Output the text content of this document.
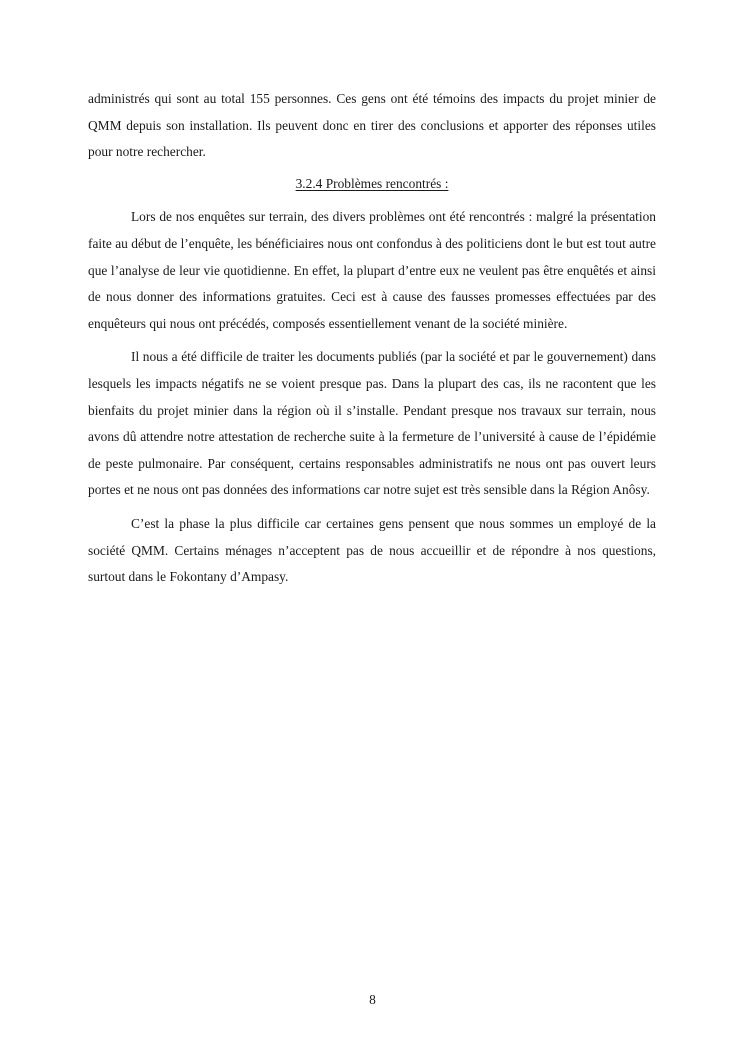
administrés qui sont au total 155 personnes. Ces gens ont été témoins des impacts du projet minier de QMM depuis son installation. Ils peuvent donc en tirer des conclusions et apporter des réponses utiles pour notre rechercher.

3.2.4 Problèmes rencontrés :

Lors de nos enquêtes sur terrain, des divers problèmes ont été rencontrés : malgré la présentation faite au début de l’enquête, les bénéficiaires nous ont confondus à des politiciens dont le but est tout autre que l’analyse de leur vie quotidienne. En effet, la plupart d’entre eux ne veulent pas être enquêtés et ainsi de nous donner des informations gratuites. Ceci est à cause des fausses promesses effectuées par des enquêteurs qui nous ont précédés, composés essentiellement venant de la société minière.

Il nous a été difficile de traiter les documents publiés (par la société et par le gouvernement) dans lesquels les impacts négatifs ne se voient presque pas. Dans la plupart des cas, ils ne racontent que les bienfaits du projet minier dans la région où il s’installe. Pendant presque nos travaux sur terrain, nous avons dû attendre notre attestation de recherche suite à la fermeture de l’université à cause de l’épidémie de peste pulmonaire. Par conséquent, certains responsables administratifs ne nous ont pas ouvert leurs portes et ne nous ont pas données des informations car notre sujet est très sensible dans la Région Anôsy.

C’est la phase la plus difficile car certaines gens pensent que nous sommes un employé de la société QMM. Certains ménages n’acceptent pas de nous accueillir et de répondre à nos questions, surtout dans le Fokontany d’Ampasy.

8
